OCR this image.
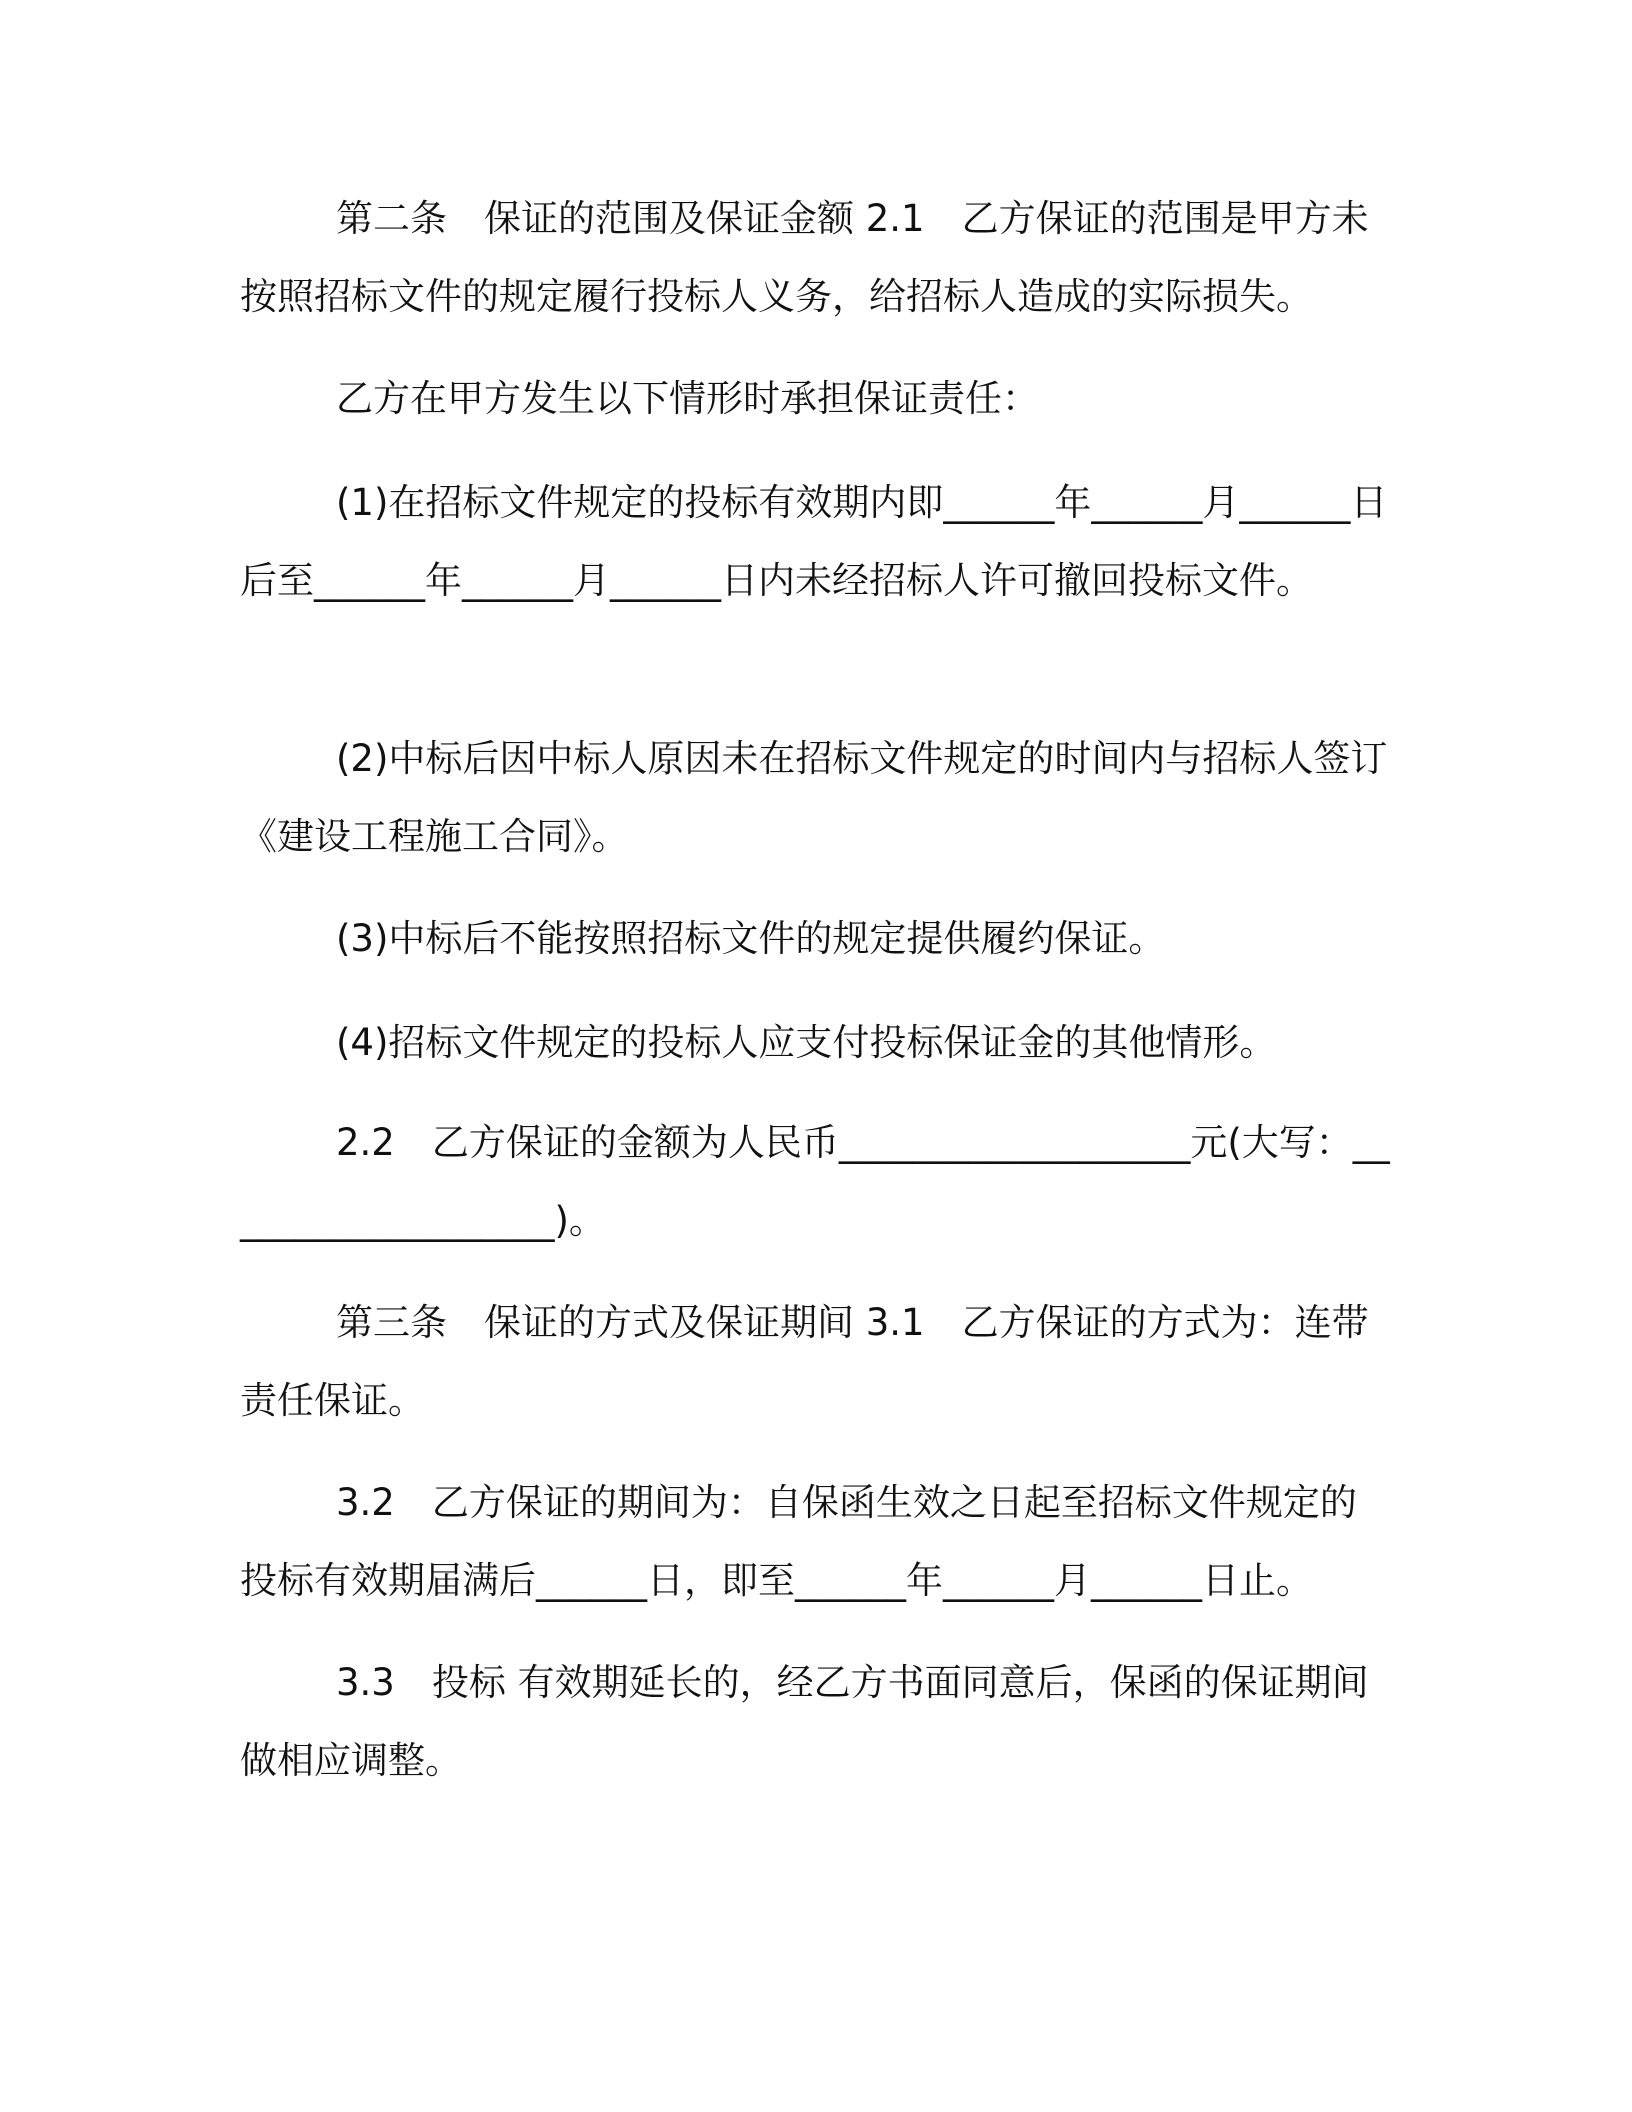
第二条　保证的范围及保证金额 2.1　乙方保证的范围是甲方未按照招标文件的规定履行投标人义务，给招标人造成的实际损失。

乙方在甲方发生以下情形时承担保证责任：

(1)在招标文件规定的投标有效期内即______年______月______日后至______年______月______日内未经招标人许可撤回投标文件。

(2)中标后因中标人原因未在招标文件规定的时间内与招标人签订《建设工程施工合同》。

(3)中标后不能按照招标文件的规定提供履约保证。

(4)招标文件规定的投标人应支付投标保证金的其他情形。

2.2　乙方保证的金额为人民币___________________元(大写：___________________)。

第三条　保证的方式及保证期间 3.1　乙方保证的方式为：连带责任保证。

3.2　乙方保证的期间为：自保函生效之日起至招标文件规定的投标有效期届满后______日，即至______年______月______日止。

3.3　投标 有效期延长的，经乙方书面同意后，保函的保证期间做相应调整。
